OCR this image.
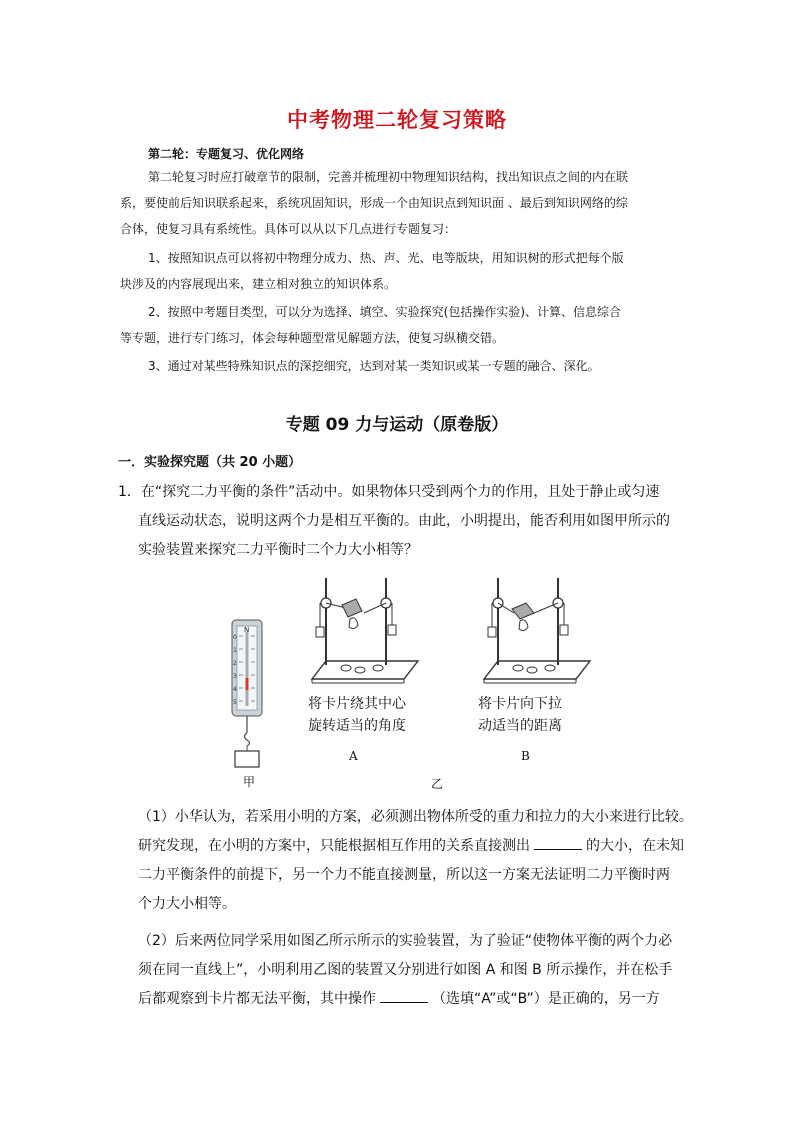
中考物理二轮复习策略
第二轮：专题复习、优化网络
第二轮复习时应打破章节的限制，完善并梳理初中物理知识结构，找出知识点之间的内在联
系，要使前后知识联系起来，系统巩固知识，形成一个由知识点到知识面 、最后到知识网络的综
合体，使复习具有系统性。具体可以从以下几点进行专题复习：
1、按照知识点可以将初中物理分成力、热、声、光、电等版块，用知识树的形式把每个版
块涉及的内容展现出来，建立相对独立的知识体系。
2、按照中考题目类型，可以分为选择、填空、实验探究(包括操作实验)、计算、信息综合
等专题，进行专门练习，体会每种题型常见解题方法，使复习纵横交错。
3、通过对某些特殊知识点的深挖细究，达到对某一类知识或某一专题的融合、深化。
专题 09 力与运动（原卷版）
一．实验探究题（共 20 小题）
1．在“探究二力平衡的条件”活动中。如果物体只受到两个力的作用，且处于静止或匀速
直线运动状态，说明这两个力是相互平衡的。由此，小明提出，能否利用如图甲所示的
实验装置来探究二力平衡时二个力大小相等？
N
0
1
2
3
4
5	将卡片绕其中心
旋转适当的角度
将卡片向下拉
动适当的距离
A	B
甲	乙
（1）小华认为，若采用小明的方案，必须测出物体所受的重力和拉力的大小来进行比较。
研究发现，在小明的方案中，只能根据相互作用的关系直接测出	的大小，在未知
二力平衡条件的前提下，另一个力不能直接测量，所以这一方案无法证明二力平衡时两
个力大小相等。
（2）后来两位同学采用如图乙所示所示的实验装置，为了验证“使物体平衡的两个力必
须在同一直线上”，小明利用乙图的装置又分别进行如图 A 和图 B 所示操作，并在松手
后都观察到卡片都无法平衡，其中操作	（选填“A”或“B”）是正确的，另一方
